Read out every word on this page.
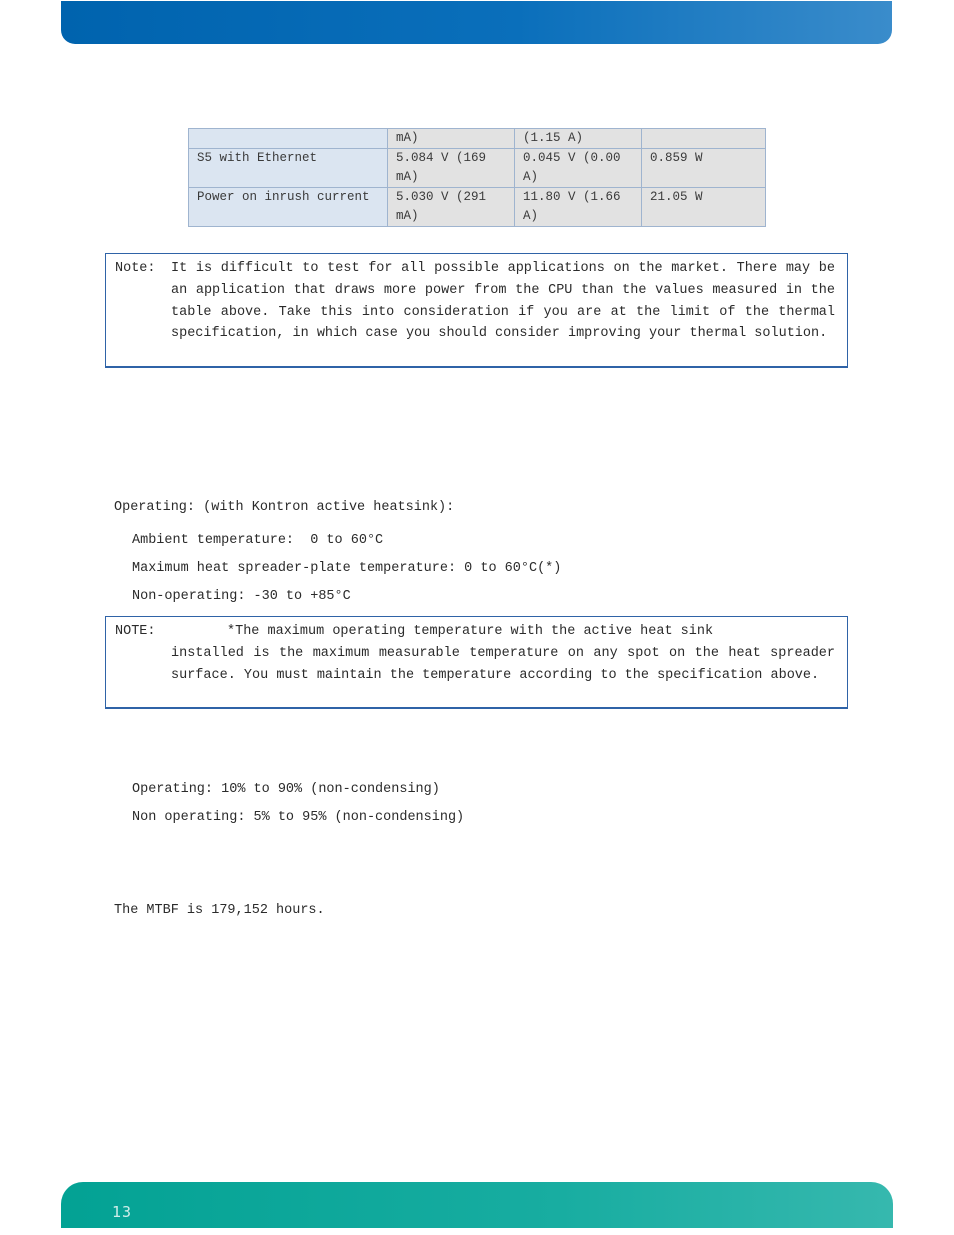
	mA)	(1.15 A)	
S5 with Ethernet	5.084 V (169 mA)	0.045 V (0.00 A)	0.859 W
Power on inrush current	5.030 V (291 mA)	11.80 V (1.66 A)	21.05 W
Note:	It is difficult to test for all possible applications on the market. There may be an application that draws more power from the CPU than the values measured in the table above. Take this into consideration if you are at the limit of the thermal specification, in which case you should consider improving your thermal solution.
Operating: (with Kontron active heatsink):
Ambient temperature:  0 to 60°C
Maximum heat spreader-plate temperature: 0 to 60°C(*)
Non-operating: -30 to +85°C
NOTE:	*The maximum operating temperature with the active heat sink
installed is the maximum measurable temperature on any spot on the heat spreader surface. You must maintain the temperature according to the specification above.
Operating: 10% to 90% (non-condensing)
Non operating: 5% to 95% (non-condensing)
The MTBF is 179,152 hours.
13
